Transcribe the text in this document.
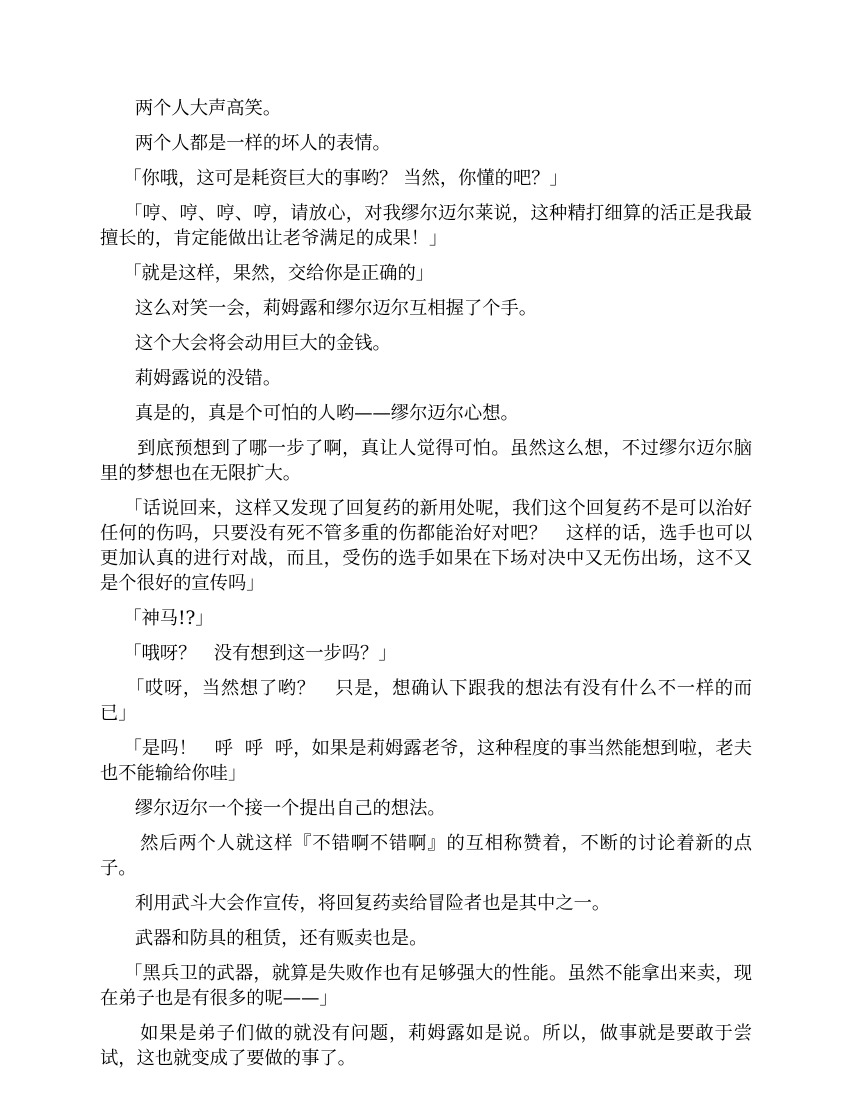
两个人大声高笑。

两个人都是一样的坏人的表情。

「你哦，这可是耗资巨大的事哟？ 当然，你懂的吧？」

「哼、哼、哼、哼，请放心，对我缪尔迈尔莱说，这种精打细算的活正是我最擅长的，肯定能做出让老爷满足的成果！」

「就是这样，果然，交给你是正确的」

这么对笑一会，莉姆露和缪尔迈尔互相握了个手。

这个大会将会动用巨大的金钱。

莉姆露说的没错。

真是的，真是个可怕的人哟——缪尔迈尔心想。

到底预想到了哪一步了啊，真让人觉得可怕。虽然这么想，不过缪尔迈尔脑里的梦想也在无限扩大。

「话说回来，这样又发现了回复药的新用处呢，我们这个回复药不是可以治好任何的伤吗，只要没有死不管多重的伤都能治好对吧？   这样的话，选手也可以更加认真的进行对战，而且，受伤的选手如果在下场对决中又无伤出场，这不又是个很好的宣传吗」

「神马!?」

「哦呀？   没有想到这一步吗？」

「哎呀，当然想了哟？   只是，想确认下跟我的想法有没有什么不一样的而已」

「是吗！   呼  呼  呼，如果是莉姆露老爷，这种程度的事当然能想到啦，老夫也不能输给你哇」

缪尔迈尔一个接一个提出自己的想法。

然后两个人就这样『不错啊不错啊』的互相称赞着，不断的讨论着新的点子。

利用武斗大会作宣传，将回复药卖给冒险者也是其中之一。

武器和防具的租赁，还有贩卖也是。

「黑兵卫的武器，就算是失败作也有足够强大的性能。虽然不能拿出来卖，现在弟子也是有很多的呢——」

如果是弟子们做的就没有问题，莉姆露如是说。所以，做事就是要敢于尝试，这也就变成了要做的事了。
